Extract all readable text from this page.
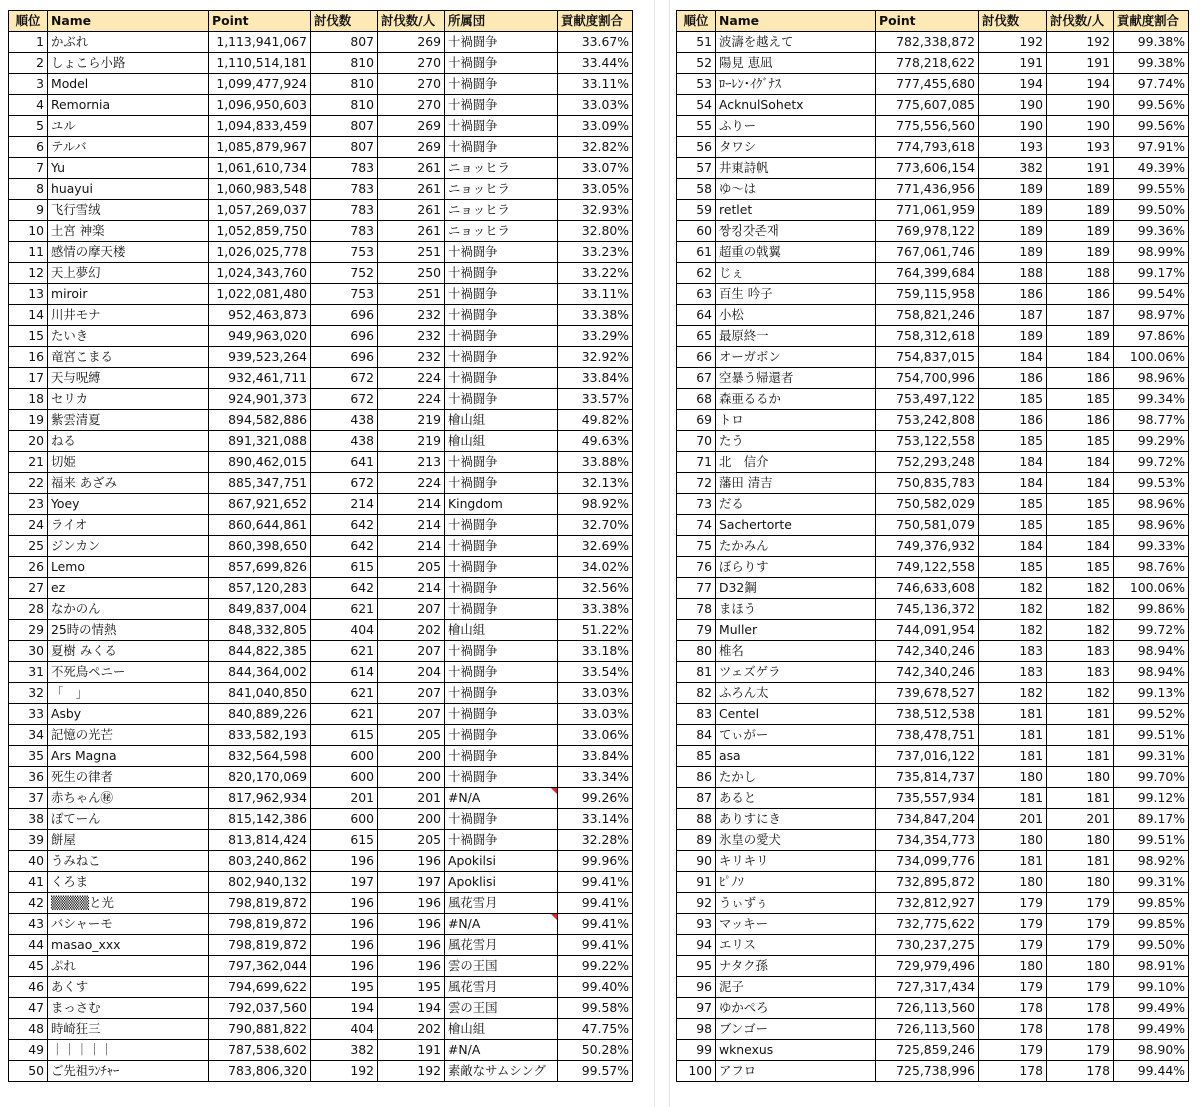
順位	Name	Point	討伐数	討伐数/人	所属団	貢献度割合
1	かぶれ	1,113,941,067	807	269	十禍闘争	33.67%
2	しょこら小路	1,110,514,181	810	270	十禍闘争	33.44%
3	Model	1,099,477,924	810	270	十禍闘争	33.11%
4	Remornia	1,096,950,603	810	270	十禍闘争	33.03%
5	ユル	1,094,833,459	807	269	十禍闘争	33.09%
6	テルバ	1,085,879,967	807	269	十禍闘争	32.82%
7	Yu	1,061,610,734	783	261	ニョッヒラ	33.07%
8	huayui	1,060,983,548	783	261	ニョッヒラ	33.05%
9	飞行雪绒	1,057,269,037	783	261	ニョッヒラ	32.93%
10	土宮 神楽	1,052,859,750	783	261	ニョッヒラ	32.80%
11	感情の摩天楼	1,026,025,778	753	251	十禍闘争	33.23%
12	天上夢幻	1,024,343,760	752	250	十禍闘争	33.22%
13	miroir	1,022,081,480	753	251	十禍闘争	33.11%
14	川井モナ	952,463,873	696	232	十禍闘争	33.38%
15	たいき	949,963,020	696	232	十禍闘争	33.29%
16	竜宮こまる	939,523,264	696	232	十禍闘争	32.92%
17	天与呪縛	932,461,711	672	224	十禍闘争	33.84%
18	セリカ	924,901,373	672	224	十禍闘争	33.57%
19	紫雲清夏	894,582,886	438	219	檜山組	49.82%
20	ねる	891,321,088	438	219	檜山組	49.63%
21	切姫	890,462,015	641	213	十禍闘争	33.88%
22	福来 あざみ	885,347,751	672	224	十禍闘争	32.13%
23	Yoey	867,921,652	214	214	Kingdom	98.92%
24	ライオ	860,644,861	642	214	十禍闘争	32.70%
25	ジンカン	860,398,650	642	214	十禍闘争	32.69%
26	Lemo	857,699,826	615	205	十禍闘争	34.02%
27	ez	857,120,283	642	214	十禍闘争	32.56%
28	なかのん	849,837,004	621	207	十禍闘争	33.38%
29	25時の情熱	848,332,805	404	202	檜山組	51.22%
30	夏樹 みくる	844,822,385	621	207	十禍闘争	33.18%
31	不死鳥ペニー	844,364,002	614	204	十禍闘争	33.54%
32	「　」	841,040,850	621	207	十禍闘争	33.03%
33	Asby	840,889,226	621	207	十禍闘争	33.03%
34	記憶の光芒	833,582,193	615	205	十禍闘争	33.06%
35	Ars Magna	832,564,598	600	200	十禍闘争	33.84%
36	死生の律者	820,170,069	600	200	十禍闘争	33.34%
37	赤ちゃん㊙	817,962,934	201	201	#N/A	99.26%
38	ぽてーん	815,142,386	600	200	十禍闘争	33.14%
39	餅屋	813,814,424	615	205	十禍闘争	32.28%
40	うみねこ	803,240,862	196	196	Apokilsi	99.96%
41	くろま	802,940,132	197	197	Apoklisi	99.41%
42	▒▒▒▒と光	798,819,872	196	196	風花雪月	99.41%
43	バシャーモ	798,819,872	196	196	#N/A	99.41%
44	masao_xxx	798,819,872	196	196	風花雪月	99.41%
45	ぷれ	797,362,044	196	196	雲の王国	99.22%
46	あくす	794,699,622	195	195	風花雪月	99.40%
47	まっさむ	792,037,560	194	194	雲の王国	99.58%
48	時崎狂三	790,881,822	404	202	檜山組	47.75%
49	｜｜｜｜｜	787,538,602	382	191	#N/A	50.28%
50	ご先祖ﾗﾝﾁｬｰ	783,806,320	192	192	素敵なサムシング	99.57%
順位	Name	Point	討伐数	討伐数/人	貢献度割合
51	波濤を越えて	782,338,872	192	192	99.38%
52	陽見 恵凪	778,218,622	191	191	99.38%
53	ﾛｰﾚﾝ･ｲｸﾞﾅｽ	777,455,680	194	194	97.74%
54	AcknulSohetx	775,607,085	190	190	99.56%
55	ふりー	775,556,560	190	190	99.56%
56	タワシ	774,793,618	193	193	97.91%
57	井東詩帆	773,606,154	382	191	49.39%
58	ゆ〜は	771,436,956	189	189	99.55%
59	retlet	771,061,959	189	189	99.50%
60	짱킹갓존재	769,978,122	189	189	99.36%
61	超重の戟翼	767,061,746	189	189	98.99%
62	じぇ	764,399,684	188	188	99.17%
63	百生 吟子	759,115,958	186	186	99.54%
64	小松	758,821,246	187	187	98.97%
65	最原終一	758,312,618	189	189	97.86%
66	オーガボン	754,837,015	184	184	100.06%
67	空暴う帰還者	754,700,996	186	186	98.96%
68	森亜るるか	753,497,122	185	185	99.34%
69	トロ	753,242,808	186	186	98.77%
70	たう	753,122,558	185	185	99.29%
71	北　信介	752,293,248	184	184	99.72%
72	藩田 清吉	750,835,783	184	184	99.53%
73	だる	750,582,029	185	185	98.96%
74	Sachertorte	750,581,079	185	185	98.96%
75	たかみん	749,376,932	184	184	99.33%
76	ぼらりす	749,122,558	185	185	98.76%
77	D32鋼	746,633,608	182	182	100.06%
78	まほう	745,136,372	182	182	99.86%
79	Muller	744,091,954	182	182	99.72%
80	椎名	742,340,246	183	183	98.94%
81	ツェズゲラ	742,340,246	183	183	98.94%
82	ふろん太	739,678,527	182	182	99.13%
83	Centel	738,512,538	181	181	99.52%
84	てぃがー	738,478,751	181	181	99.51%
85	asa	737,016,122	181	181	99.31%
86	たかし	735,814,737	180	180	99.70%
87	あると	735,557,934	181	181	99.12%
88	ありすにき	734,847,204	201	201	89.17%
89	氷皇の愛犬	734,354,773	180	180	99.51%
90	キリキリ	734,099,776	181	181	98.92%
91	ﾋﾟﾉｿ	732,895,872	180	180	99.31%
92	うぃずぅ	732,812,927	179	179	99.85%
93	マッキー	732,775,622	179	179	99.85%
94	エリス	730,237,275	179	179	99.50%
95	ナタク孫	729,979,496	180	180	98.91%
96	泥子	727,317,434	179	179	99.10%
97	ゆかぺろ	726,113,560	178	178	99.49%
98	ブンゴー	726,113,560	178	178	99.49%
99	wknexus	725,859,246	179	179	98.90%
100	アフロ	725,738,996	178	178	99.44%
